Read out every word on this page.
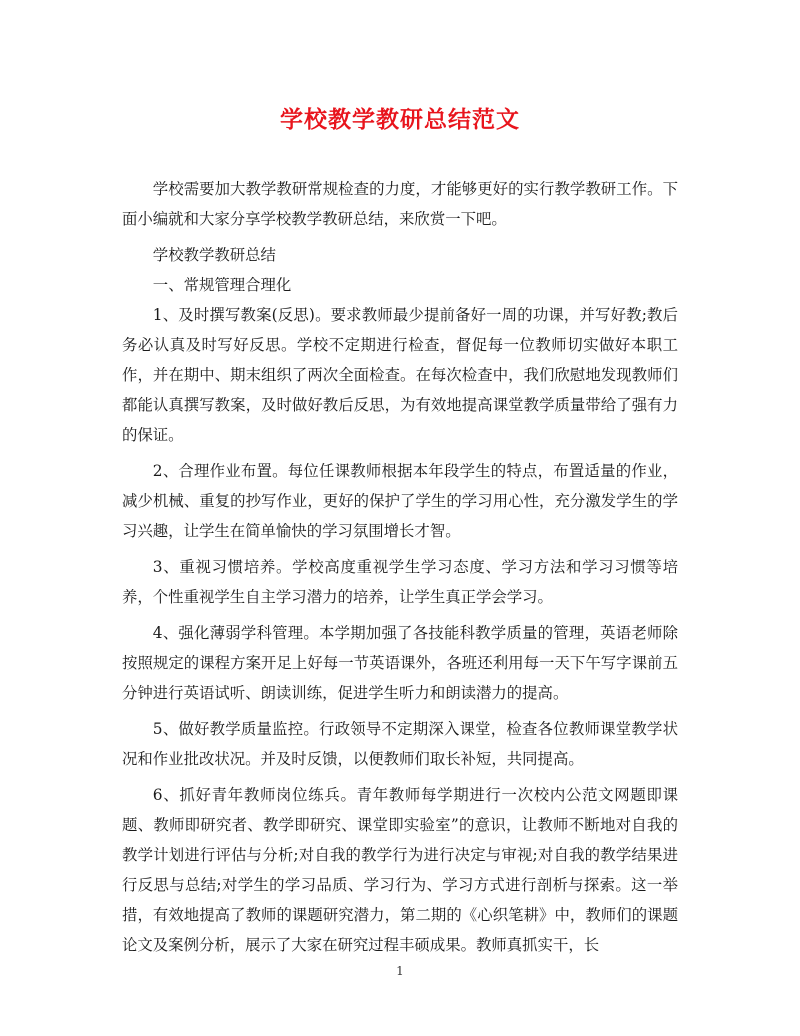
学校教学教研总结范文

学校需要加大教学教研常规检查的力度，才能够更好的实行教学教研工作。下面小编就和大家分享学校教学教研总结，来欣赏一下吧。

学校教学教研总结

一、常规管理合理化

1、及时撰写教案(反思)。要求教师最少提前备好一周的功课，并写好教;教后务必认真及时写好反思。学校不定期进行检查，督促每一位教师切实做好本职工作，并在期中、期末组织了两次全面检查。在每次检查中，我们欣慰地发现教师们都能认真撰写教案，及时做好教后反思，为有效地提高课堂教学质量带给了强有力的保证。

2、合理作业布置。每位任课教师根据本年段学生的特点，布置适量的作业，减少机械、重复的抄写作业，更好的保护了学生的学习用心性，充分激发学生的学习兴趣，让学生在简单愉快的学习氛围增长才智。

3、重视习惯培养。学校高度重视学生学习态度、学习方法和学习习惯等培养，个性重视学生自主学习潜力的培养，让学生真正学会学习。

4、强化薄弱学科管理。本学期加强了各技能科教学质量的管理，英语老师除按照规定的课程方案开足上好每一节英语课外，各班还利用每一天下午写字课前五分钟进行英语试听、朗读训练，促进学生听力和朗读潜力的提高。

5、做好教学质量监控。行政领导不定期深入课堂，检查各位教师课堂教学状况和作业批改状况。并及时反馈，以便教师们取长补短，共同提高。

6、抓好青年教师岗位练兵。青年教师每学期进行一次校内公范文网题即课题、教师即研究者、教学即研究、课堂即实验室”的意识，让教师不断地对自我的教学计划进行评估与分析;对自我的教学行为进行决定与审视;对自我的教学结果进行反思与总结;对学生的学习品质、学习行为、学习方式进行剖析与探索。这一举措，有效地提高了教师的课题研究潜力，第二期的《心织笔耕》中，教师们的课题论文及案例分析，展示了大家在研究过程丰硕成果。教师真抓实干，长

1
